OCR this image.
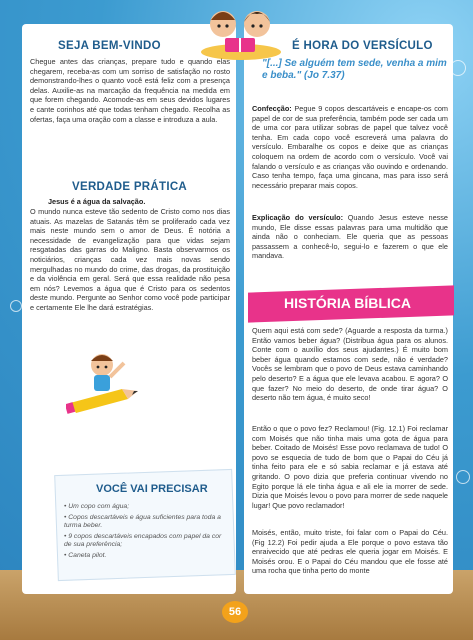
SEJA BEM-VINDO
Chegue antes das crianças, prepare tudo e quando elas chegarem, receba-as com um sorriso de satisfação no rosto demonstrando-lhes o quanto você está feliz com a presença delas. Auxilie-as na marcação da frequência na medida em que forem chegando. Acomode-as em seus devidos lugares e cante corinhos até que todas tenham chegado. Recolha as ofertas, faça uma oração com a classe e introduza a aula.
VERDADE PRÁTICA
Jesus é a água da salvação.
O mundo nunca esteve tão sedento de Cristo como nos dias atuais. As mazelas de Satanás têm se proliferado cada vez mais neste mundo sem o amor de Deus. É notória a necessidade de evangelização para que vidas sejam resgatadas das garras do Maligno. Basta observarmos os noticiários, crianças cada vez mais novas sendo mergulhadas no mundo do crime, das drogas, da prostituição e da violência em geral. Será que essa realidade não pesa em nós? Levemos a água que é Cristo para os sedentos deste mundo. Pergunte ao Senhor como você pode participar e certamente Ele lhe dará estratégias.
VOCÊ VAI PRECISAR

• Um copo com água;

• Copos descartáveis e água suficientes para toda a turma beber.

• 9 copos descartáveis encapados com papel da cor de sua preferência;

• Caneta pilot.

É HORA DO VERSÍCULO
"[...] Se alguém tem sede, venha a mim e beba." (Jo 7.37)
Confecção: Pegue 9 copos descartáveis e encape-os com papel de cor de sua preferência, também pode ser cada um de uma cor para utilizar sobras de papel que talvez você tenha. Em cada copo você escreverá uma palavra do versículo. Embaralhe os copos e deixe que as crianças coloquem na ordem de acordo com o versículo. Você vai falando o versículo e as crianças vão ouvindo e ordenando. Caso tenha tempo, faça uma gincana, mas para isso será necessário preparar mais copos.
Explicação do versículo: Quando Jesus esteve nesse mundo, Ele disse essas palavras para uma multidão que ainda não o conheciam. Ele queria que as pessoas passassem a conhecê-lo, segui-lo e fazerem o que ele mandava.
HISTÓRIA BÍBLICA
Quem aqui está com sede? (Aguarde a resposta da turma.) Então vamos beber água? (Distribua água para os alunos. Conte com o auxílio dos seus ajudantes.) É muito bom beber água quando estamos com sede, não é verdade? Vocês se lembram que o povo de Deus estava caminhando pelo deserto? E a água que ele levava acabou. E agora? O que fazer? No meio do deserto, de onde tirar água? O deserto não tem água, é muito seco!
Então o que o povo fez? Reclamou! (Fig. 12.1) Foi reclamar com Moisés que não tinha mais uma gota de água para beber. Coitado de Moisés! Esse povo reclamava de tudo! O povo se esquecia de tudo de bom que o Papai do Céu já tinha feito para ele e só sabia reclamar e já estava até gritando. O povo dizia que preferia continuar vivendo no Egito porque lá ele tinha água e ali ele ia morrer de sede. Dizia que Moisés levou o povo para morrer de sede naquele lugar! Que povo reclamador!
Moisés, então, muito triste, foi falar com o Papai do Céu. (Fig 12.2) Foi pedir ajuda a Ele porque o povo estava tão enraivecido que até pedras ele queria jogar em Moisés. E Moisés orou. E o Papai do Céu mandou que ele fosse até uma rocha que tinha perto do monte
56
